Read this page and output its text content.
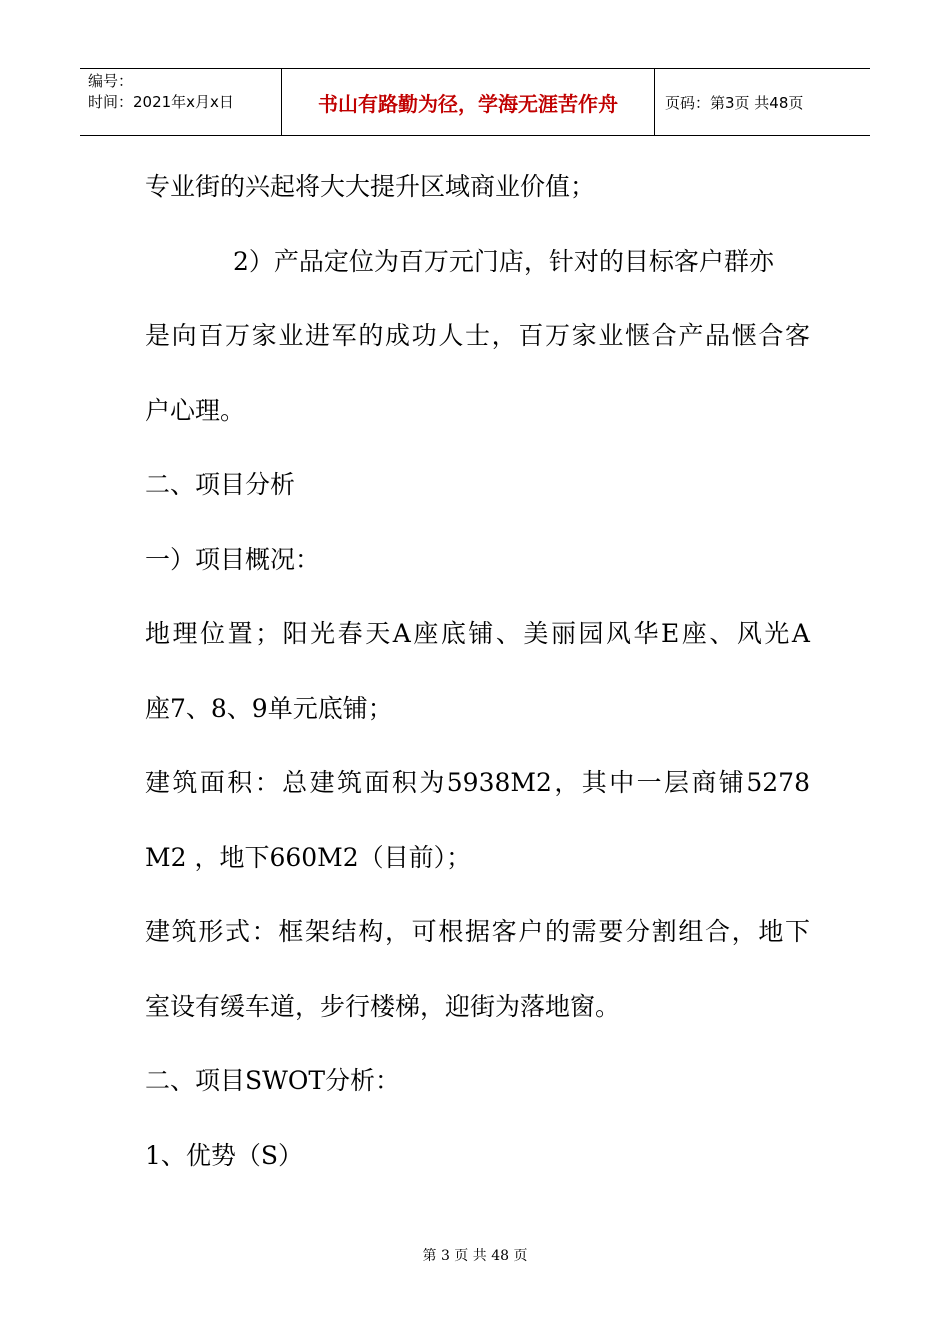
编号：
时间：2021年x月x日	书山有路勤为径，学海无涯苦作舟	页码：第3页 共48页
专业街的兴起将大大提升区域商业价值；
2）产品定位为百万元门店，针对的目标客户群亦
是向百万家业进军的成功人士，百万家业惬合产品惬合客
户心理。
二、项目分析
一）项目概况：
地理位置；阳光春天A座底铺、美丽园风华E座、风光A
座7、8、9单元底铺；
建筑面积：总建筑面积为5938M2，其中一层商铺5278
M2 ，地下660M2（目前）；
建筑形式：框架结构，可根据客户的需要分割组合，地下
室设有缓车道，步行楼梯，迎街为落地窗。
二、项目SWOT分析：
1、优势（S）
第 3 页 共 48 页
